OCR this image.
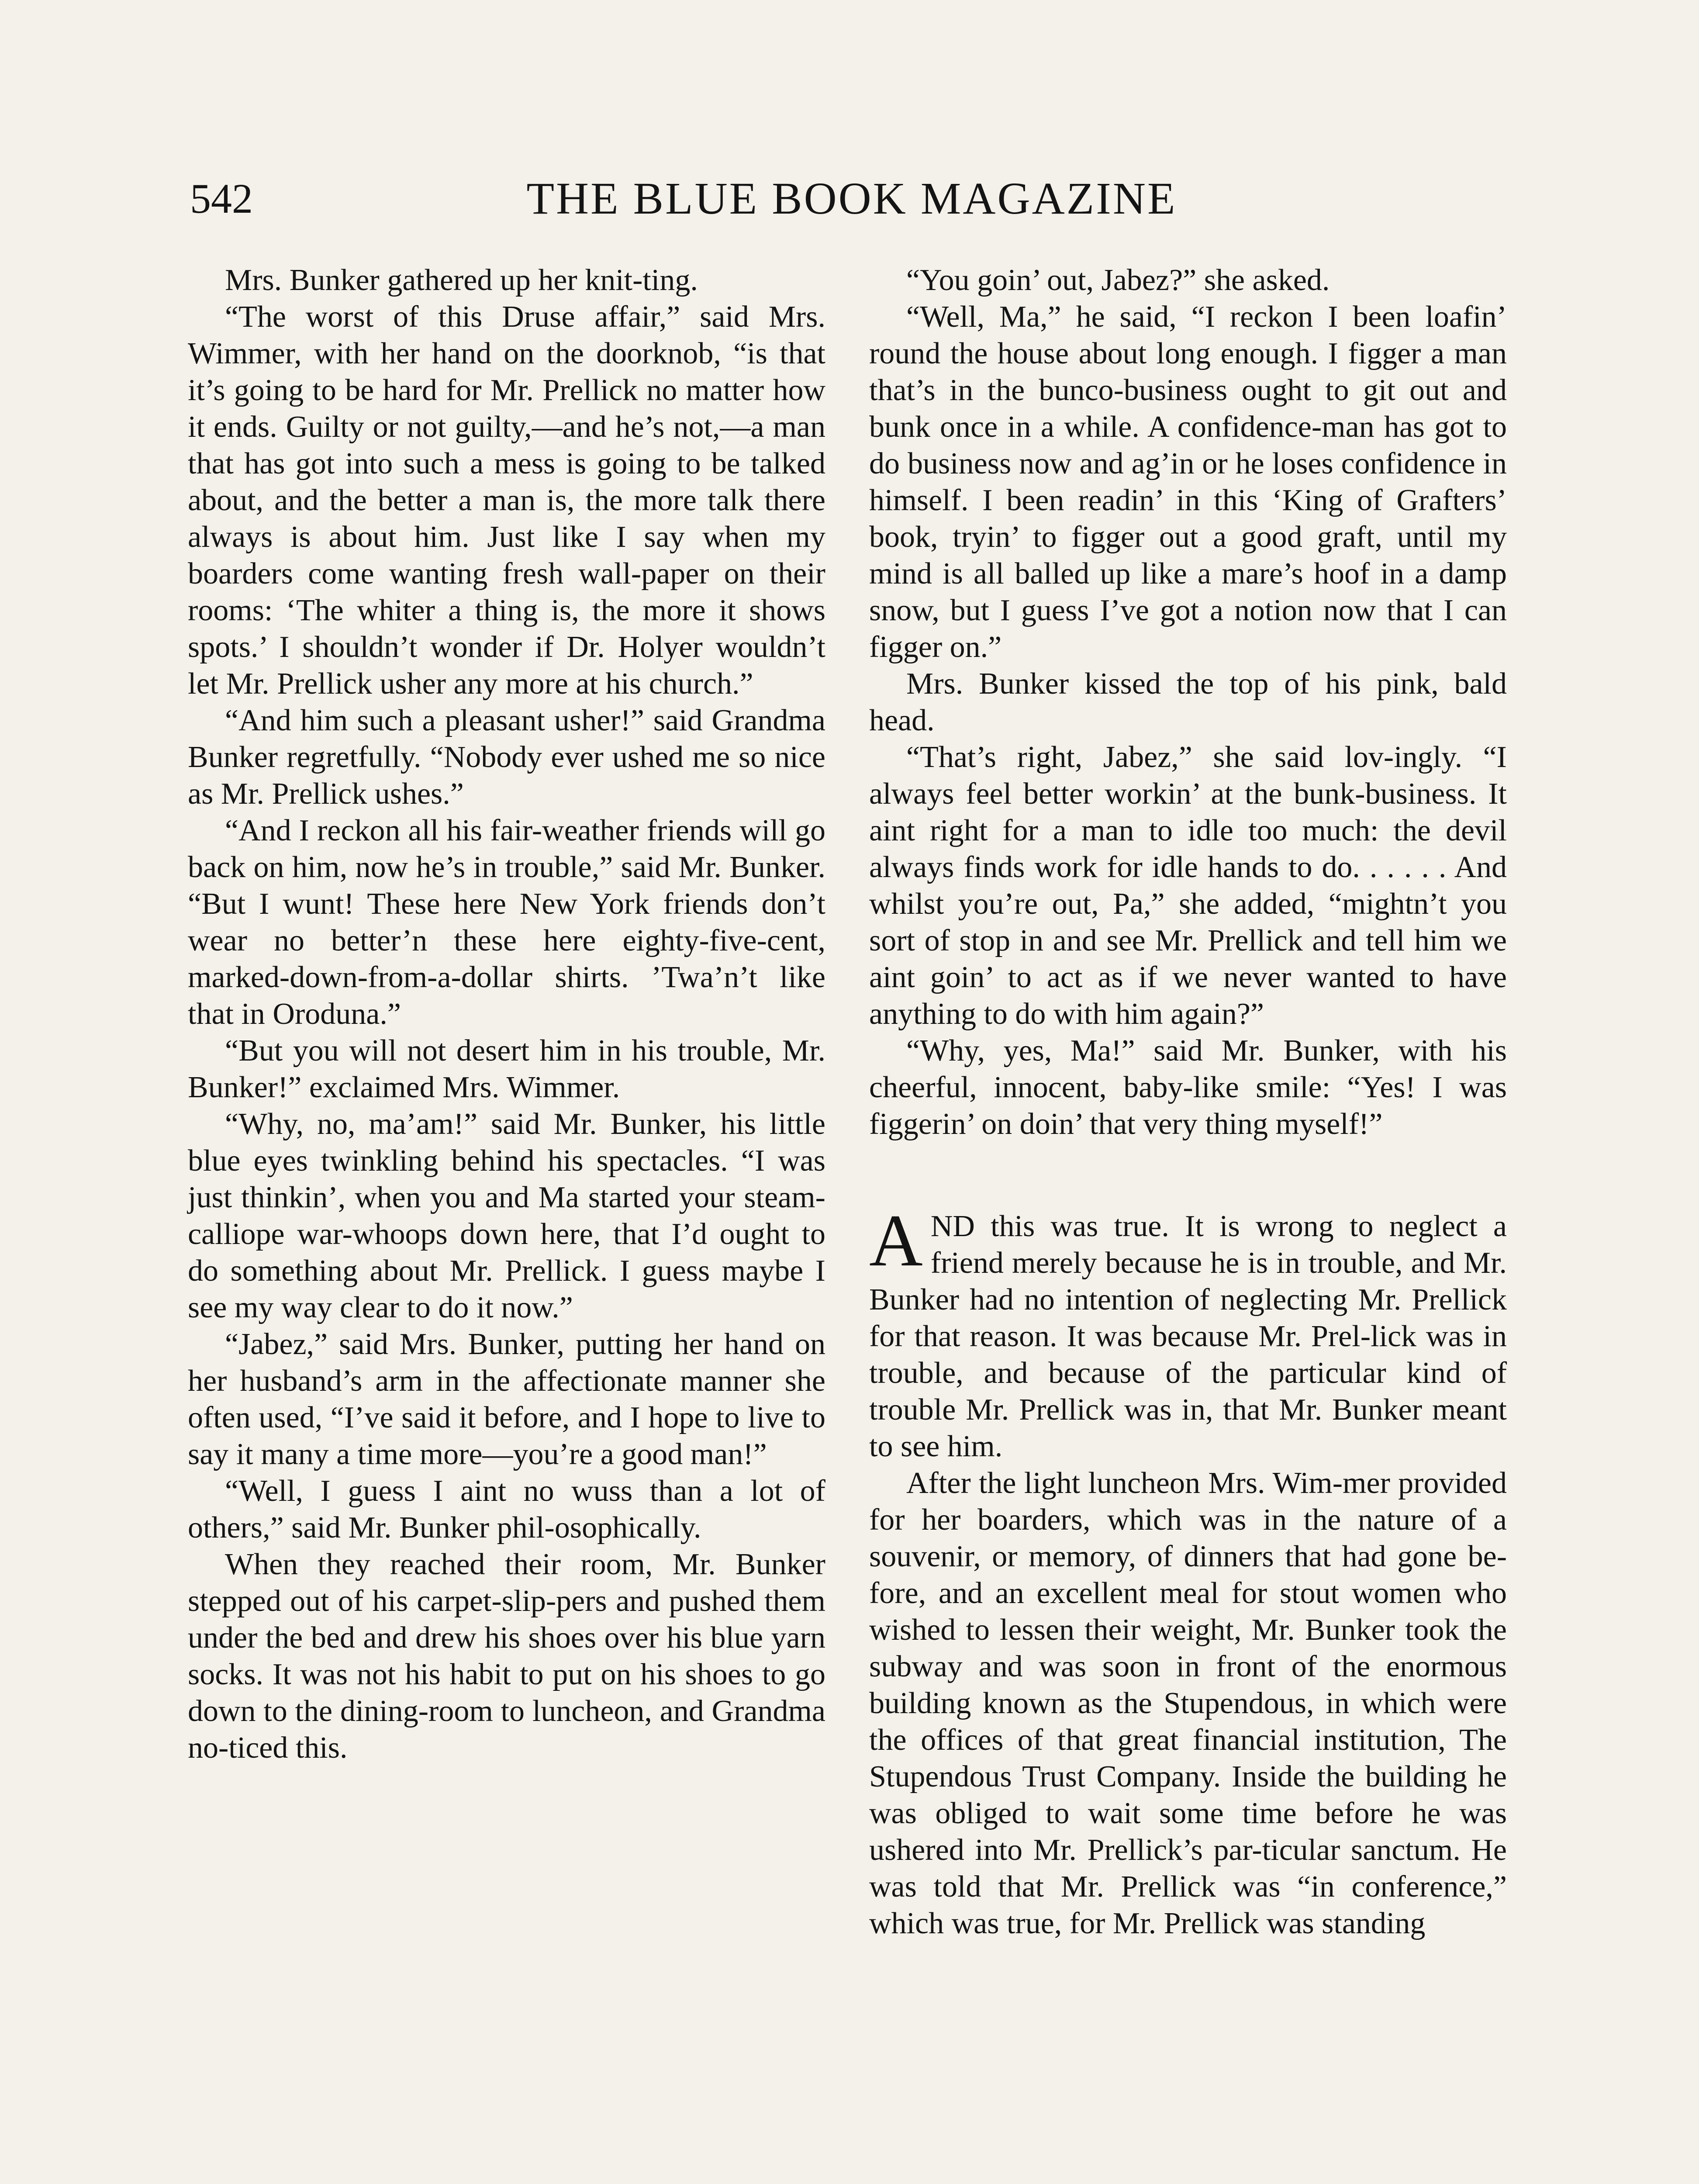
542	THE BLUE BOOK MAGAZINE

Mrs. Bunker gathered up her knit-ting.

“The worst of this Druse affair,” said Mrs. Wimmer, with her hand on the doorknob, “is that it’s going to be hard for Mr. Prellick no matter how it ends. Guilty or not guilty,—and he’s not,—a man that has got into such a mess is going to be talked about, and the better a man is, the more talk there always is about him. Just like I say when my boarders come wanting fresh wall-paper on their rooms: ‘The whiter a thing is, the more it shows spots.’ I shouldn’t wonder if Dr. Holyer wouldn’t let Mr. Prellick usher any more at his church.”

“And him such a pleasant usher!” said Grandma Bunker regretfully. “Nobody ever ushed me so nice as Mr. Prellick ushes.”

“And I reckon all his fair-weather friends will go back on him, now he’s in trouble,” said Mr. Bunker. “But I wunt! These here New York friends don’t wear no better’n these here eighty-five-cent, marked-down-from-a-dollar shirts. ’Twa’n’t like that in Oroduna.”

“But you will not desert him in his trouble, Mr. Bunker!” exclaimed Mrs. Wimmer.

“Why, no, ma’am!” said Mr. Bunker, his little blue eyes twinkling behind his spectacles. “I was just thinkin’, when you and Ma started your steam-calliope war-whoops down here, that I’d ought to do something about Mr. Prellick. I guess maybe I see my way clear to do it now.”

“Jabez,” said Mrs. Bunker, putting her hand on her husband’s arm in the affectionate manner she often used, “I’ve said it before, and I hope to live to say it many a time more—you’re a good man!”

“Well, I guess I aint no wuss than a lot of others,” said Mr. Bunker phil-osophically.

When they reached their room, Mr. Bunker stepped out of his carpet-slip-pers and pushed them under the bed and drew his shoes over his blue yarn socks. It was not his habit to put on his shoes to go down to the dining-room to luncheon, and Grandma no-ticed this.

“You goin’ out, Jabez?” she asked.

“Well, Ma,” he said, “I reckon I been loafin’ round the house about long enough. I figger a man that’s in the bunco-business ought to git out and bunk once in a while. A confidence-man has got to do business now and ag’in or he loses confidence in himself. I been readin’ in this ‘King of Grafters’ book, tryin’ to figger out a good graft, until my mind is all balled up like a mare’s hoof in a damp snow, but I guess I’ve got a notion now that I can figger on.”

Mrs. Bunker kissed the top of his pink, bald head.

“That’s right, Jabez,” she said lov-ingly. “I always feel better workin’ at the bunk-business. It aint right for a man to idle too much: the devil always finds work for idle hands to do. . . . . . And whilst you’re out, Pa,” she added, “mightn’t you sort of stop in and see Mr. Prellick and tell him we aint goin’ to act as if we never wanted to have anything to do with him again?”

“Why, yes, Ma!” said Mr. Bunker, with his cheerful, innocent, baby-like smile: “Yes! I was figgerin’ on doin’ that very thing myself!”

AND this was true. It is wrong to neglect a friend merely because he is in trouble, and Mr. Bunker had no intention of neglecting Mr. Prellick for that reason. It was because Mr. Prel-lick was in trouble, and because of the particular kind of trouble Mr. Prellick was in, that Mr. Bunker meant to see him.

After the light luncheon Mrs. Wim-mer provided for her boarders, which was in the nature of a souvenir, or memory, of dinners that had gone be-fore, and an excellent meal for stout women who wished to lessen their weight, Mr. Bunker took the subway and was soon in front of the enormous building known as the Stupendous, in which were the offices of that great financial institution, The Stupendous Trust Company. Inside the building he was obliged to wait some time before he was ushered into Mr. Prellick’s par-ticular sanctum. He was told that Mr. Prellick was “in conference,” which was true, for Mr. Prellick was standing
